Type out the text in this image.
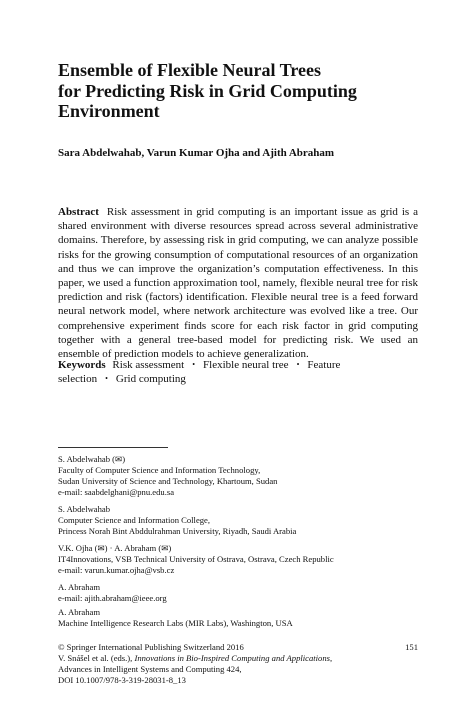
Ensemble of Flexible Neural Trees
for Predicting Risk in Grid Computing
Environment
Sara Abdelwahab, Varun Kumar Ojha and Ajith Abraham
Abstract Risk assessment in grid computing is an important issue as grid is a shared environment with diverse resources spread across several administrative domains. Therefore, by assessing risk in grid computing, we can analyze possible risks for the growing consumption of computational resources of an organization and thus we can improve the organization’s computation effectiveness. In this paper, we used a function approximation tool, namely, flexible neural tree for risk prediction and risk (factors) identification. Flexible neural tree is a feed forward neural network model, where network architecture was evolved like a tree. Our comprehensive experiment finds score for each risk factor in grid computing together with a general tree-based model for predicting risk. We used an ensemble of prediction models to achieve generalization.
Keywords Risk assessment • Flexible neural tree • Feature selection • Grid computing
S. Abdelwahab (✉)
Faculty of Computer Science and Information Technology,
Sudan University of Science and Technology, Khartoum, Sudan
e-mail: saabdelghani@pnu.edu.sa
S. Abdelwahab
Computer Science and Information College,
Princess Norah Bint Abddulrahman University, Riyadh, Saudi Arabia
V.K. Ojha (✉) · A. Abraham (✉)
IT4Innovations, VSB Technical University of Ostrava, Ostrava, Czech Republic
e-mail: varun.kumar.ojha@vsb.cz
A. Abraham
e-mail: ajith.abraham@ieee.org
A. Abraham
Machine Intelligence Research Labs (MIR Labs), Washington, USA
© Springer International Publishing Switzerland 2016
V. Snášel et al. (eds.), Innovations in Bio-Inspired Computing and Applications,
Advances in Intelligent Systems and Computing 424,
DOI 10.1007/978-3-319-28031-8_13
151
